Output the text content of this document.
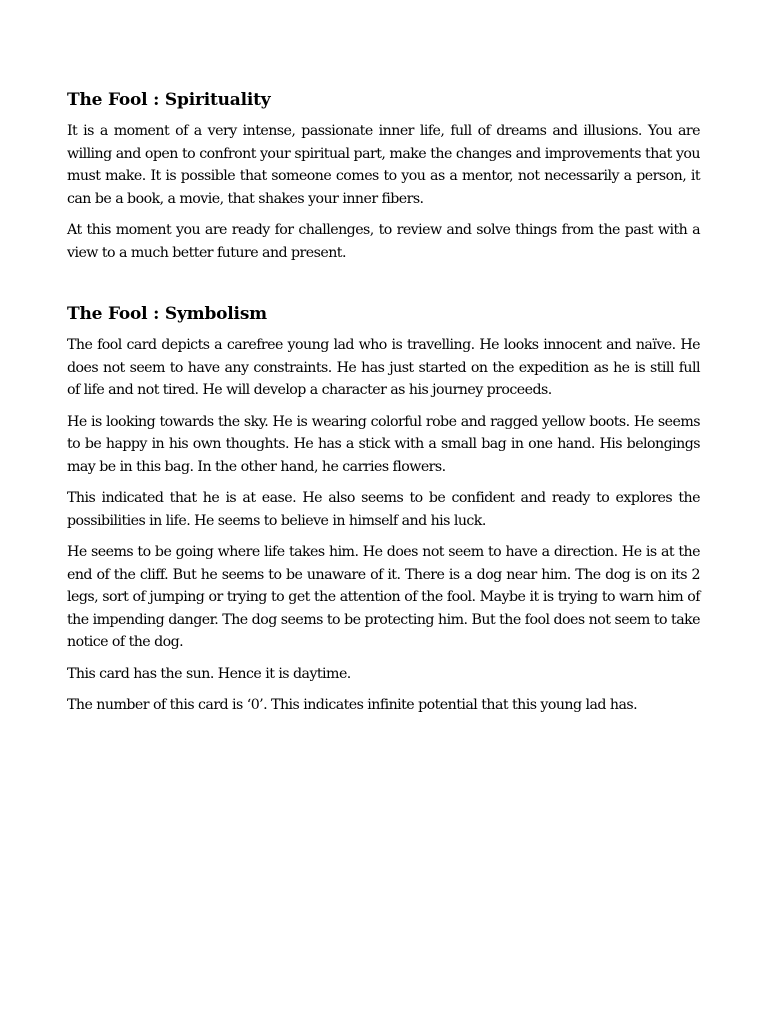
The Fool : Spirituality

It is a moment of a very intense, passionate inner life, full of dreams and illusions. You are willing and open to confront your spiritual part, make the changes and improvements that you must make. It is possible that someone comes to you as a mentor, not necessarily a person, it can be a book, a movie, that shakes your inner fibers.

At this moment you are ready for challenges, to review and solve things from the past with a view to a much better future and present.

The Fool : Symbolism

The fool card depicts a carefree young lad who is travelling. He looks innocent and naïve. He does not seem to have any constraints. He has just started on the expedition as he is still full of life and not tired. He will develop a character as his journey proceeds.

He is looking towards the sky. He is wearing colorful robe and ragged yellow boots. He seems to be happy in his own thoughts. He has a stick with a small bag in one hand. His belongings may be in this bag. In the other hand, he carries flowers.

This indicated that he is at ease. He also seems to be confident and ready to explores the possibilities in life. He seems to believe in himself and his luck.

He seems to be going where life takes him. He does not seem to have a direction. He is at the end of the cliff. But he seems to be unaware of it. There is a dog near him. The dog is on its 2 legs, sort of jumping or trying to get the attention of the fool. Maybe it is trying to warn him of the impending danger. The dog seems to be protecting him. But the fool does not seem to take notice of the dog.

This card has the sun. Hence it is daytime.

The number of this card is ‘0’. This indicates infinite potential that this young lad has.
